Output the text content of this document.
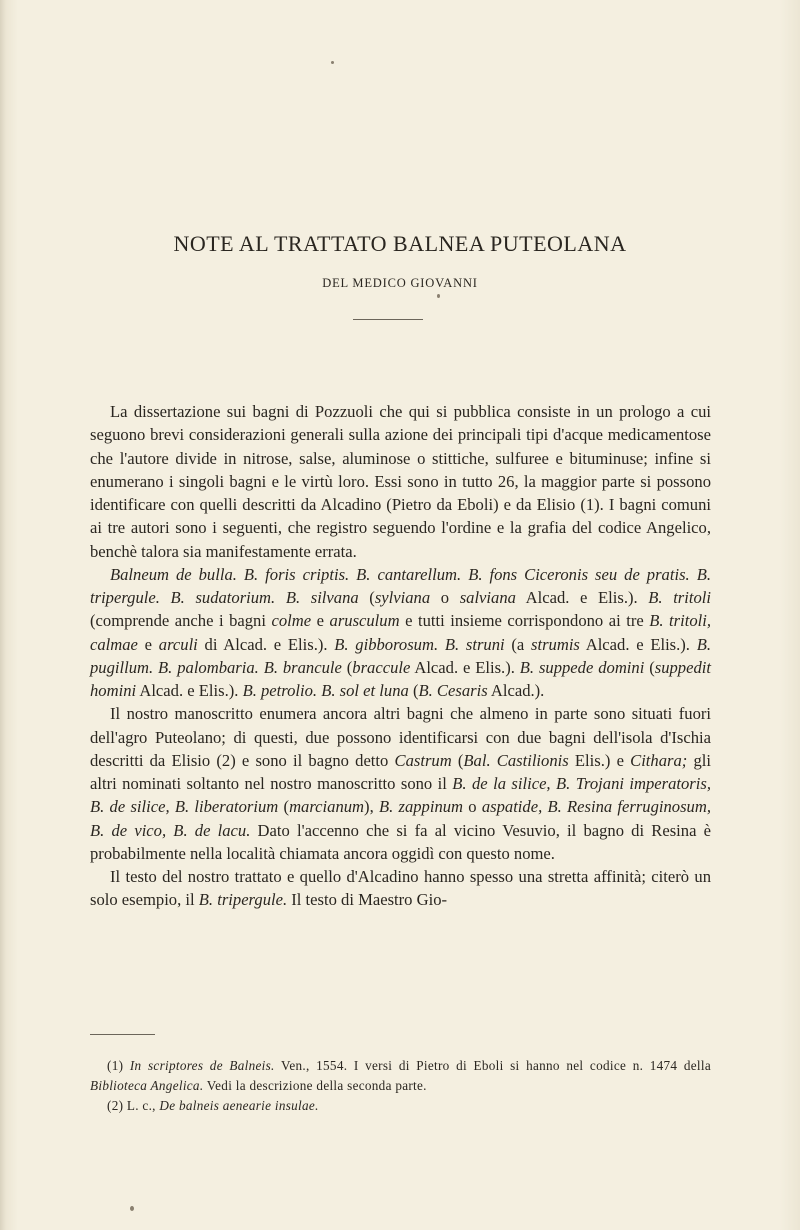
NOTE AL TRATTATO BALNEA PUTEOLANA
DEL MEDICO GIOVANNI

La dissertazione sui bagni di Pozzuoli che qui si pubblica consiste in un prologo a cui seguono brevi considerazioni generali sulla azione dei principali tipi d'acque medicamentose che l'autore divide in nitrose, salse, aluminose o stittiche, sulfuree e bituminuse; infine si enumerano i singoli bagni e le virtù loro. Essi sono in tutto 26, la maggior parte si possono identificare con quelli descritti da Alcadino (Pietro da Eboli) e da Elisio (1). I bagni comuni ai tre autori sono i seguenti, che registro seguendo l'ordine e la grafia del codice Angelico, benchè talora sia manifestamente errata.

Balneum de bulla. B. foris criptis. B. cantarellum. B. fons Ciceronis seu de pratis. B. tripergule. B. sudatorium. B. silvana (sylviana o salviana Alcad. e Elis.). B. tritoli (comprende anche i bagni colme e arusculum e tutti insieme corrispondono ai tre B. tritoli, calmae e arculi di Alcad. e Elis.). B. gibborosum. B. struni (a strumis Alcad. e Elis.). B. pugillum. B. palombaria. B. brancule (braccule Alcad. e Elis.). B. suppede domini (suppedit homini Alcad. e Elis.). B. petrolio. B. sol et luna (B. Cesaris Alcad.).

Il nostro manoscritto enumera ancora altri bagni che almeno in parte sono situati fuori dell'agro Puteolano; di questi, due possono identificarsi con due bagni dell'isola d'Ischia descritti da Elisio (2) e sono il bagno detto Castrum (Bal. Castilionis Elis.) e Cithara; gli altri nominati soltanto nel nostro manoscritto sono il B. de la silice, B. Trojani imperatoris, B. de silice, B. liberatorium (marcianum), B. zappinum o aspatide, B. Resina ferruginosum, B. de vico, B. de lacu. Dato l'accenno che si fa al vicino Vesuvio, il bagno di Resina è probabilmente nella località chiamata ancora oggidì con questo nome.

Il testo del nostro trattato e quello d'Alcadino hanno spesso una stretta affinità; citerò un solo esempio, il B. tripergule. Il testo di Maestro Gio-

(1) In scriptores de Balneis. Ven., 1554. I versi di Pietro di Eboli si hanno nel codice n. 1474 della Biblioteca Angelica. Vedi la descrizione della seconda parte.

(2) L. c., De balneis aenearie insulae.
